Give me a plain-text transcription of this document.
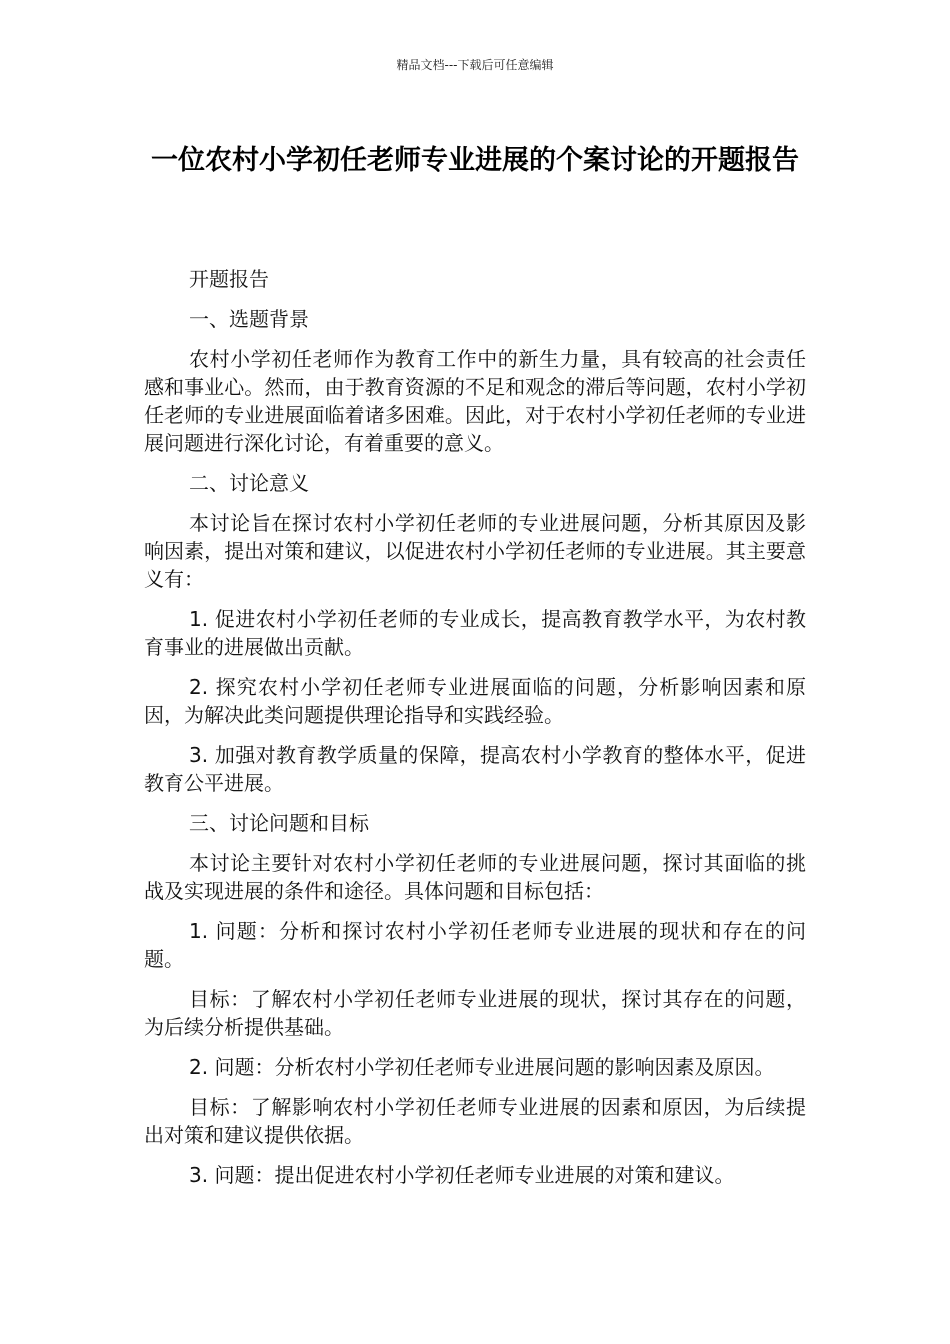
精品文档---下载后可任意编辑
一位农村小学初任老师专业进展的个案讨论的开题报告

开题报告

一、选题背景

农村小学初任老师作为教育工作中的新生力量，具有较高的社会责任感和事业心。然而，由于教育资源的不足和观念的滞后等问题，农村小学初任老师的专业进展面临着诸多困难。因此，对于农村小学初任老师的专业进展问题进行深化讨论，有着重要的意义。

二、讨论意义

本讨论旨在探讨农村小学初任老师的专业进展问题，分析其原因及影响因素，提出对策和建议，以促进农村小学初任老师的专业进展。其主要意义有：

1. 促进农村小学初任老师的专业成长，提高教育教学水平，为农村教育事业的进展做出贡献。

2. 探究农村小学初任老师专业进展面临的问题，分析影响因素和原因，为解决此类问题提供理论指导和实践经验。

3. 加强对教育教学质量的保障，提高农村小学教育的整体水平，促进教育公平进展。

三、讨论问题和目标

本讨论主要针对农村小学初任老师的专业进展问题，探讨其面临的挑战及实现进展的条件和途径。具体问题和目标包括：

1. 问题：分析和探讨农村小学初任老师专业进展的现状和存在的问题。

目标：了解农村小学初任老师专业进展的现状，探讨其存在的问题，为后续分析提供基础。

2. 问题：分析农村小学初任老师专业进展问题的影响因素及原因。

目标：了解影响农村小学初任老师专业进展的因素和原因，为后续提出对策和建议提供依据。

3. 问题：提出促进农村小学初任老师专业进展的对策和建议。
